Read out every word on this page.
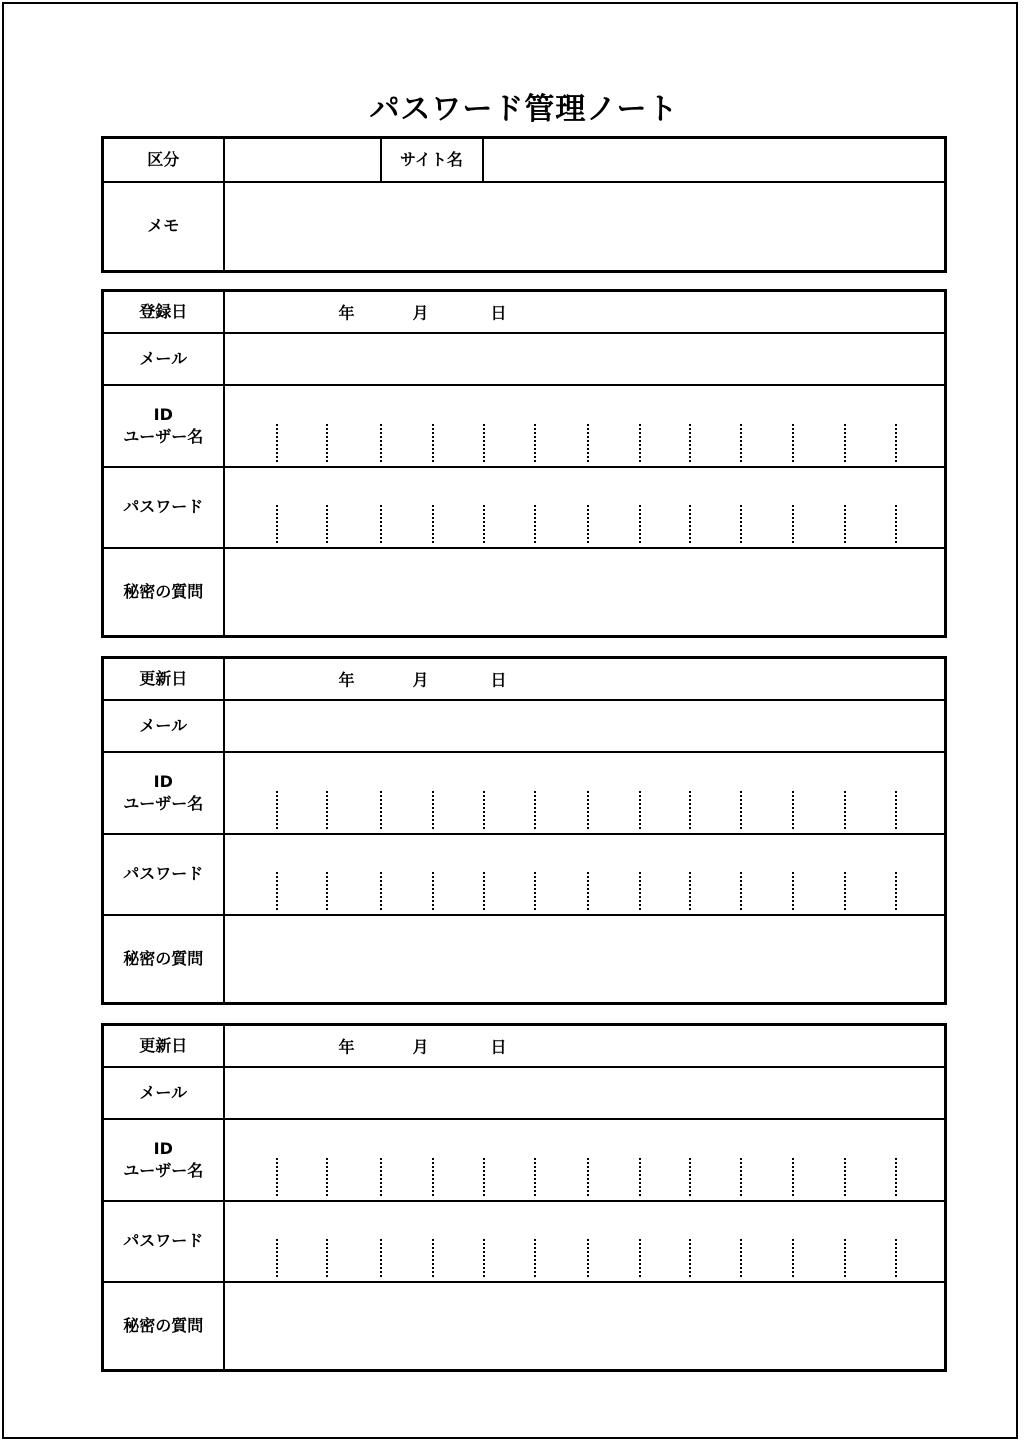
パスワード管理ノート
区分		サイト名	
メモ			
登録日	年 月 日

メール	

ID
ユーザー名	

パスワード	

秘密の質問	
更新日	年 月 日

メール	

ID
ユーザー名	

パスワード	

秘密の質問	
更新日	年 月 日

メール	

ID
ユーザー名	

パスワード	

秘密の質問	
